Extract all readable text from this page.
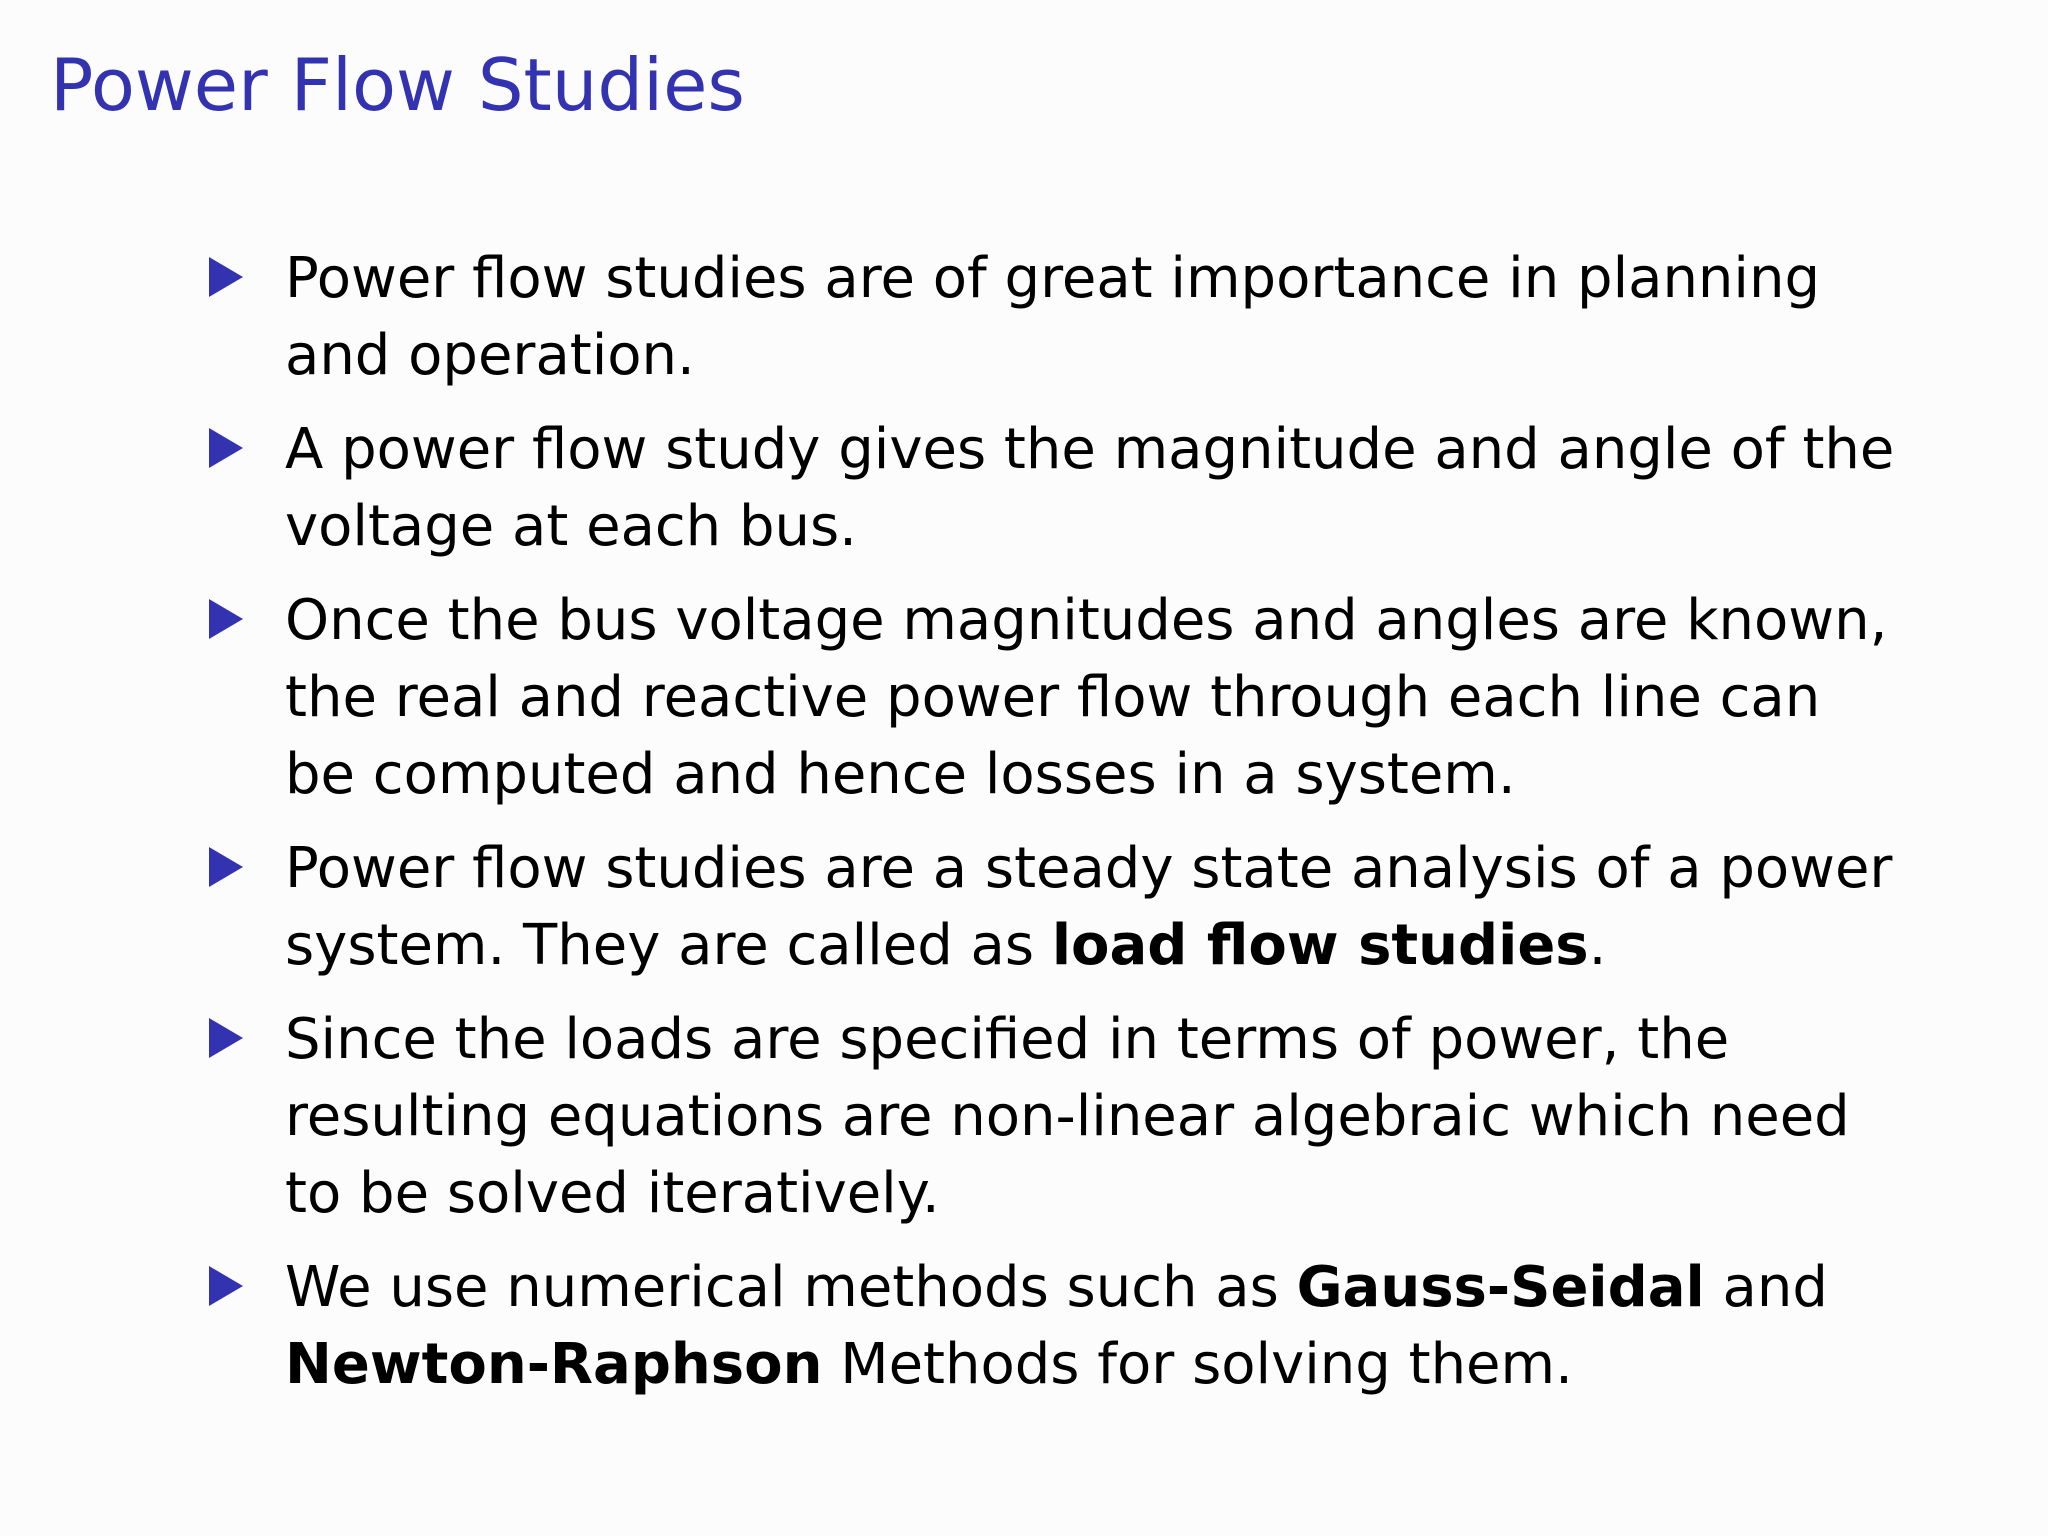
Power Flow Studies
Power flow studies are of great importance in planning and operation.
A power flow study gives the magnitude and angle of the voltage at each bus.
Once the bus voltage magnitudes and angles are known, the real and reactive power flow through each line can be computed and hence losses in a system.
Power flow studies are a steady state analysis of a power system. They are called as load flow studies.
Since the loads are specified in terms of power, the resulting equations are non-linear algebraic which need to be solved iteratively.
We use numerical methods such as Gauss-Seidal and Newton-Raphson Methods for solving them.
